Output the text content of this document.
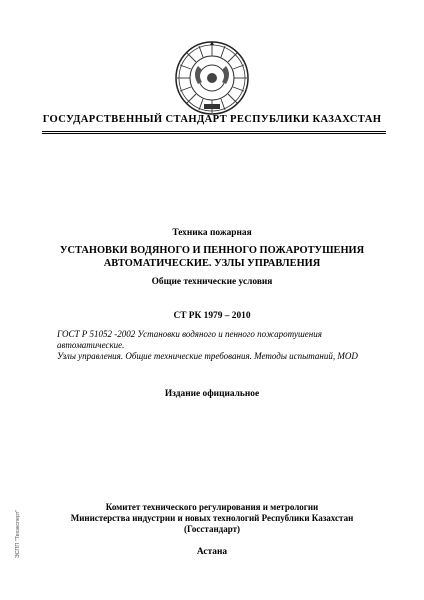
ГОСУДАРСТВЕННЫЙ СТАНДАРТ РЕСПУБЛИКИ КАЗАХСТАН
Техника пожарная
УСТАНОВКИ ВОДЯНОГО И ПЕННОГО ПОЖАРОТУШЕНИЯ
АВТОМАТИЧЕСКИЕ. УЗЛЫ УПРАВЛЕНИЯ
Общие технические условия
СТ РК 1979 – 2010
ГОСТ Р 51052 -2002 Установки водяного и пенного пожаротушения автоматические.
Узлы управления. Общие технические требования. Методы испытаний, MOD
Издание официальное
Комитет технического регулирования и метрологии
Министерства индустрии и новых технологий Республики Казахстан
(Госстандарт)
Астана
ЭСПП "Техэксперт"
